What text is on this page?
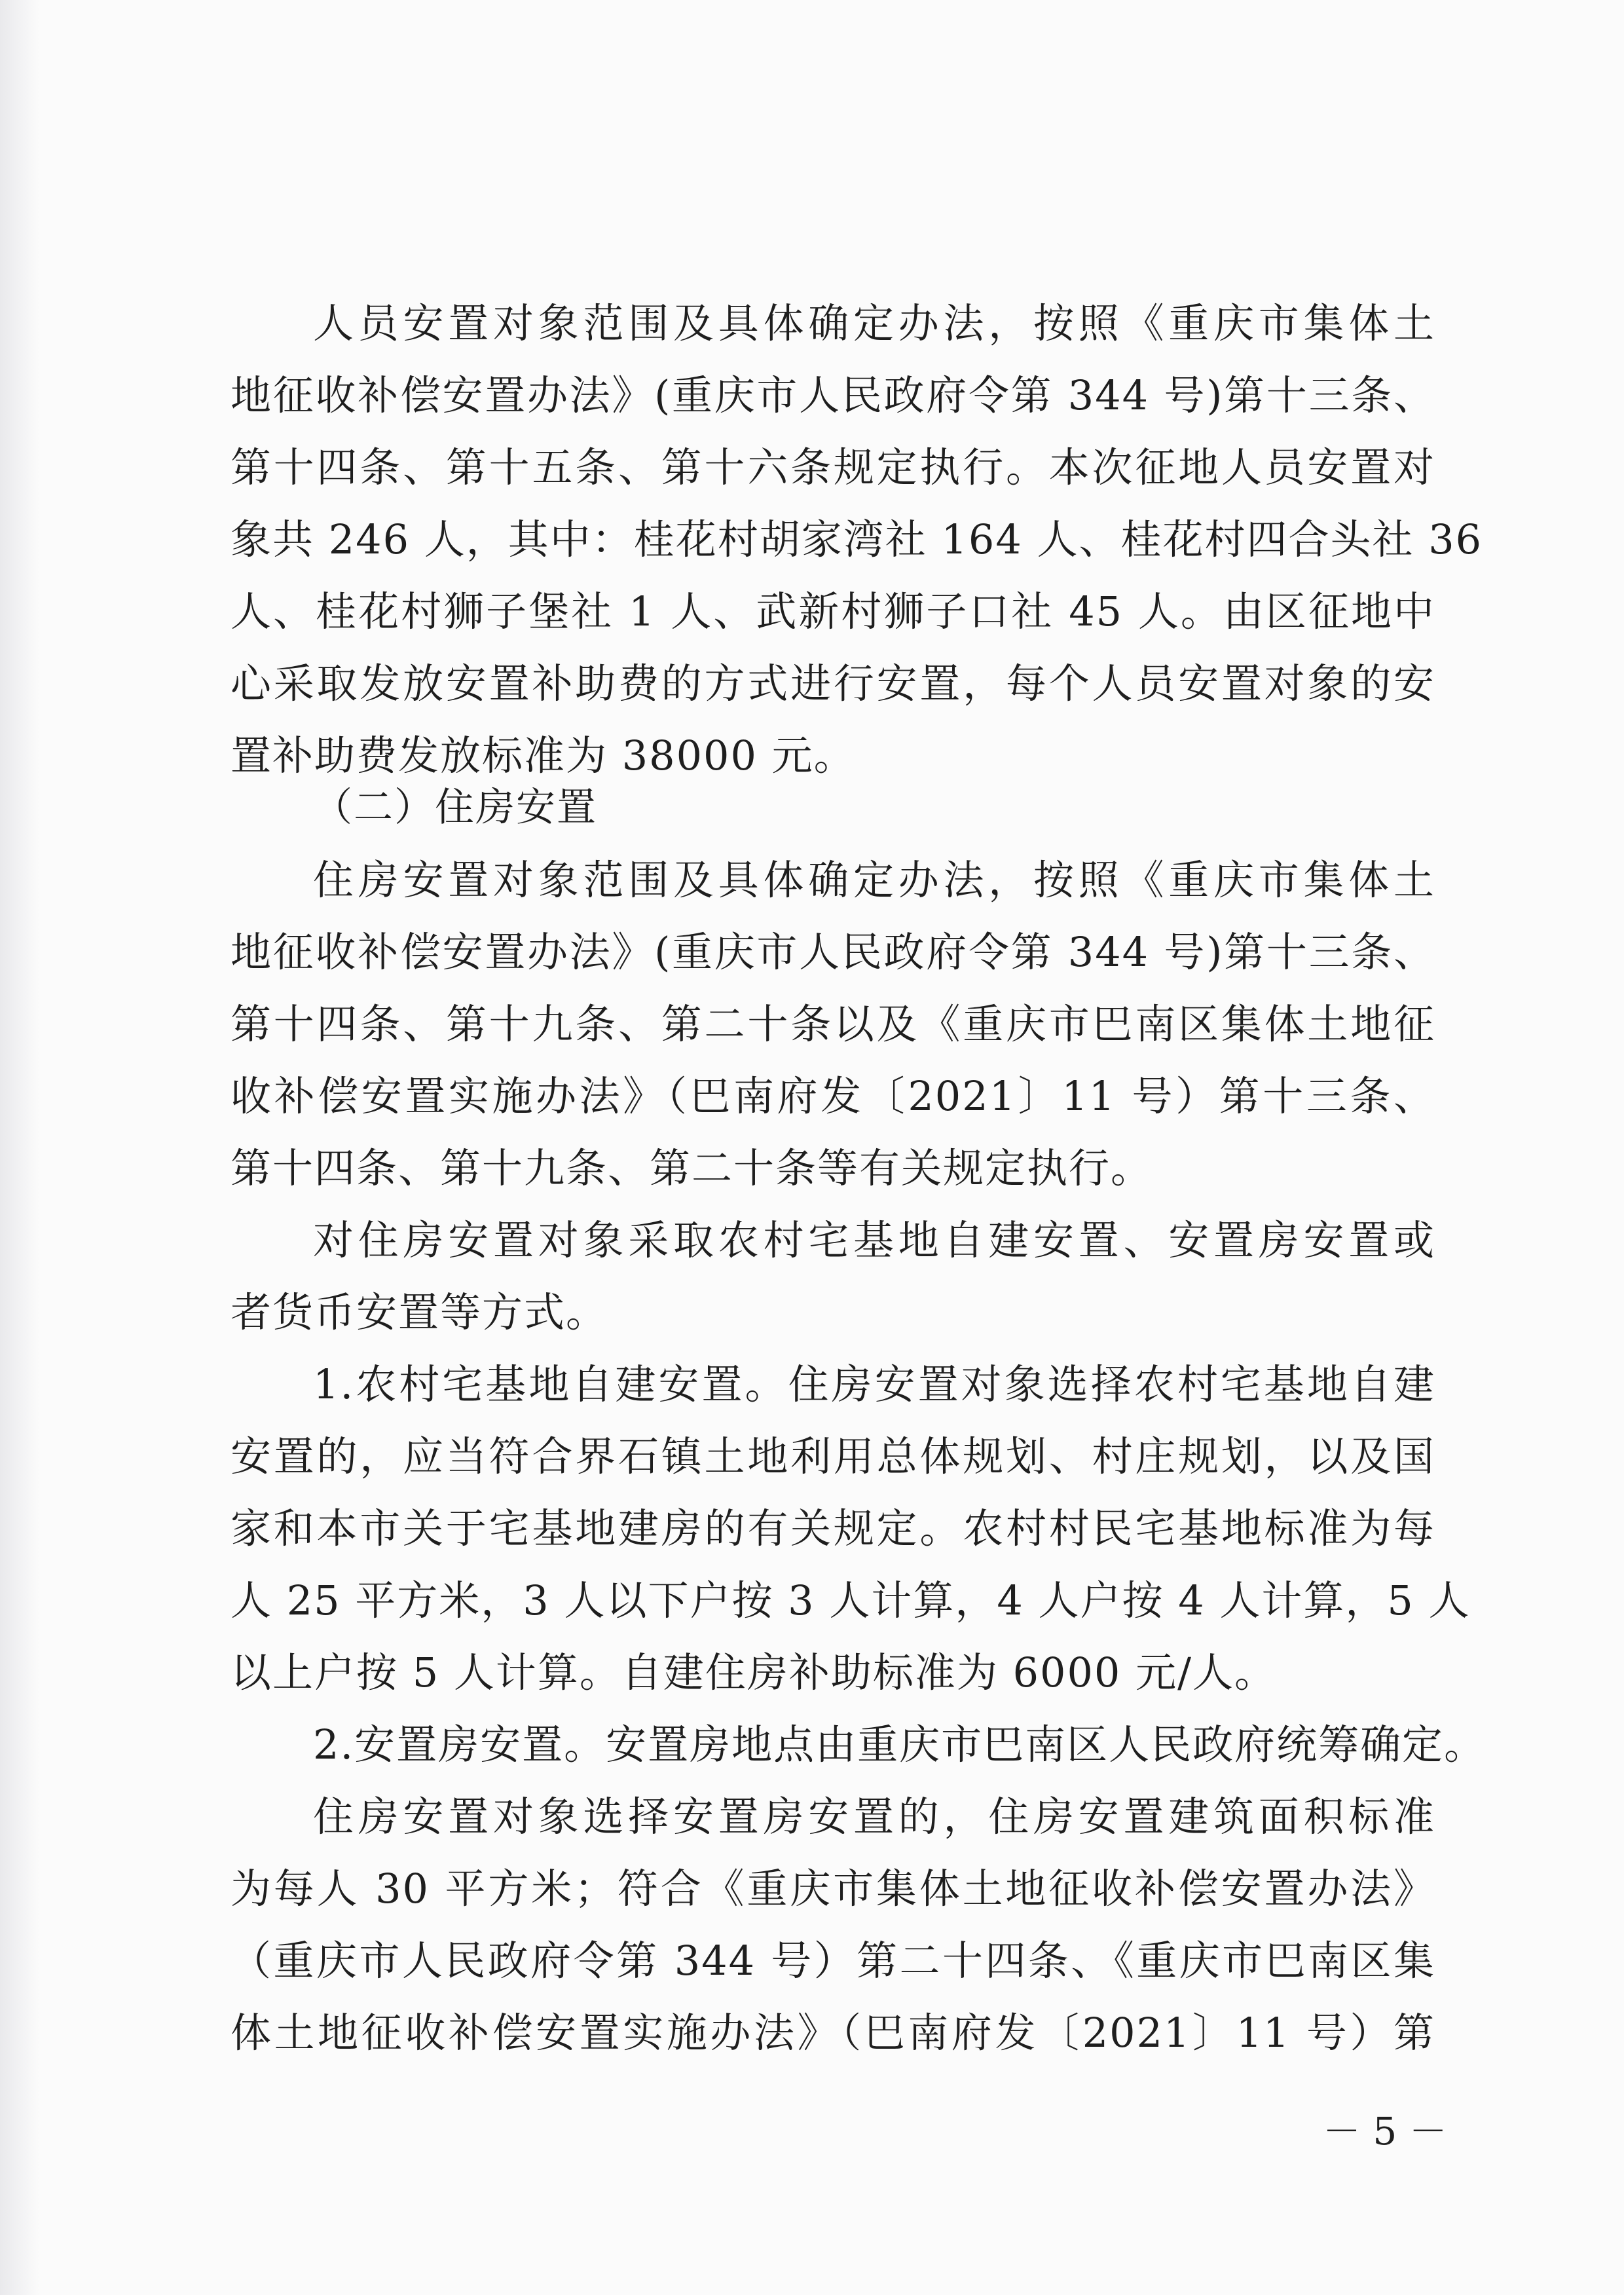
人员安置对象范围及具体确定办法，按照《重庆市集体土
地征收补偿安置办法》(重庆市人民政府令第 344 号)第十三条、
第十四条、第十五条、第十六条规定执行。本次征地人员安置对
象共 246 人，其中：桂花村胡家湾社 164 人、桂花村四合头社 36
人、桂花村狮子堡社 1 人、武新村狮子口社 45 人。由区征地中
心采取发放安置补助费的方式进行安置，每个人员安置对象的安
置补助费发放标准为 38000 元。
（二）住房安置
住房安置对象范围及具体确定办法，按照《重庆市集体土
地征收补偿安置办法》(重庆市人民政府令第 344 号)第十三条、
第十四条、第十九条、第二十条以及《重庆市巴南区集体土地征
收补偿安置实施办法》（巴南府发〔2021〕11 号）第十三条、
第十四条、第十九条、第二十条等有关规定执行。
对住房安置对象采取农村宅基地自建安置、安置房安置或
者货币安置等方式。
1.农村宅基地自建安置。住房安置对象选择农村宅基地自建
安置的，应当符合界石镇土地利用总体规划、村庄规划，以及国
家和本市关于宅基地建房的有关规定。农村村民宅基地标准为每
人 25 平方米，3 人以下户按 3 人计算，4 人户按 4 人计算，5 人
以上户按 5 人计算。自建住房补助标准为 6000 元/人。
2.安置房安置。安置房地点由重庆市巴南区人民政府统筹确定。
住房安置对象选择安置房安置的，住房安置建筑面积标准
为每人 30 平方米；符合《重庆市集体土地征收补偿安置办法》
（重庆市人民政府令第 344 号）第二十四条、《重庆市巴南区集
体土地征收补偿安置实施办法》（巴南府发〔2021〕11 号）第
－ 5 －
